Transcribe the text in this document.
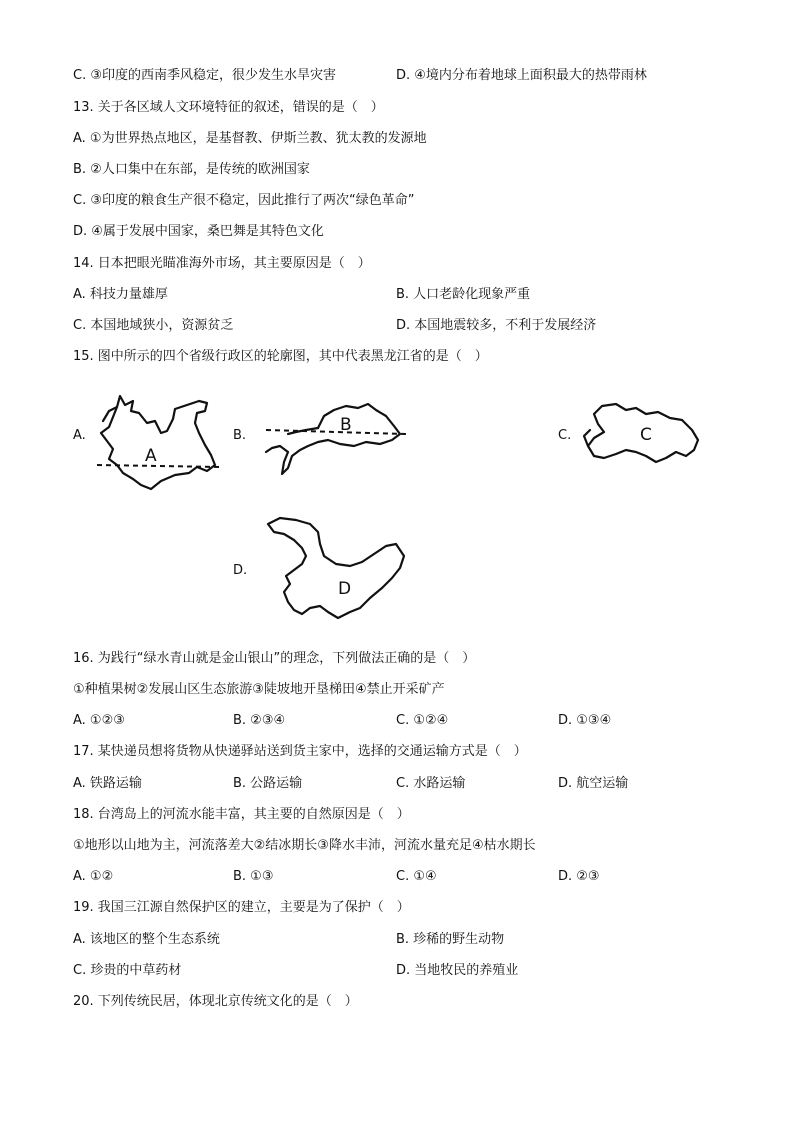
C. ③印度的西南季风稳定，很少发生水旱灾害	D. ④境内分布着地球上面积最大的热带雨林
13. 关于各区域人文环境特征的叙述，错误的是（　）
A. ①为世界热点地区，是基督教、伊斯兰教、犹太教的发源地
B. ②人口集中在东部，是传统的欧洲国家
C. ③印度的粮食生产很不稳定，因此推行了两次“绿色革命”
D. ④属于发展中国家，桑巴舞是其特色文化
14. 日本把眼光瞄准海外市场，其主要原因是（　）
A. 科技力量雄厚	B. 人口老龄化现象严重
C. 本国地域狭小，资源贫乏	D. 本国地震较多，不利于发展经济
15. 图中所示的四个省级行政区的轮廓图，其中代表黑龙江省的是（　）
A.
A
B.
B
C.	C
D.
D
16. 为践行“绿水青山就是金山银山”的理念，下列做法正确的是（　）
①种植果树②发展山区生态旅游③陡坡地开垦梯田④禁止开采矿产
A. ①②③	B. ②③④	C. ①②④	D. ①③④
17. 某快递员想将货物从快递驿站送到货主家中，选择的交通运输方式是（　）
A. 铁路运输	B. 公路运输	C. 水路运输	D. 航空运输
18. 台湾岛上的河流水能丰富，其主要的自然原因是（　）
①地形以山地为主，河流落差大②结冰期长③降水丰沛，河流水量充足④枯水期长
A. ①②	B. ①③	C. ①④	D. ②③
19. 我国三江源自然保护区的建立，主要是为了保护（　）
A. 该地区的整个生态系统	B. 珍稀的野生动物
C. 珍贵的中草药材	D. 当地牧民的养殖业
20. 下列传统民居，体现北京传统文化的是（　）
